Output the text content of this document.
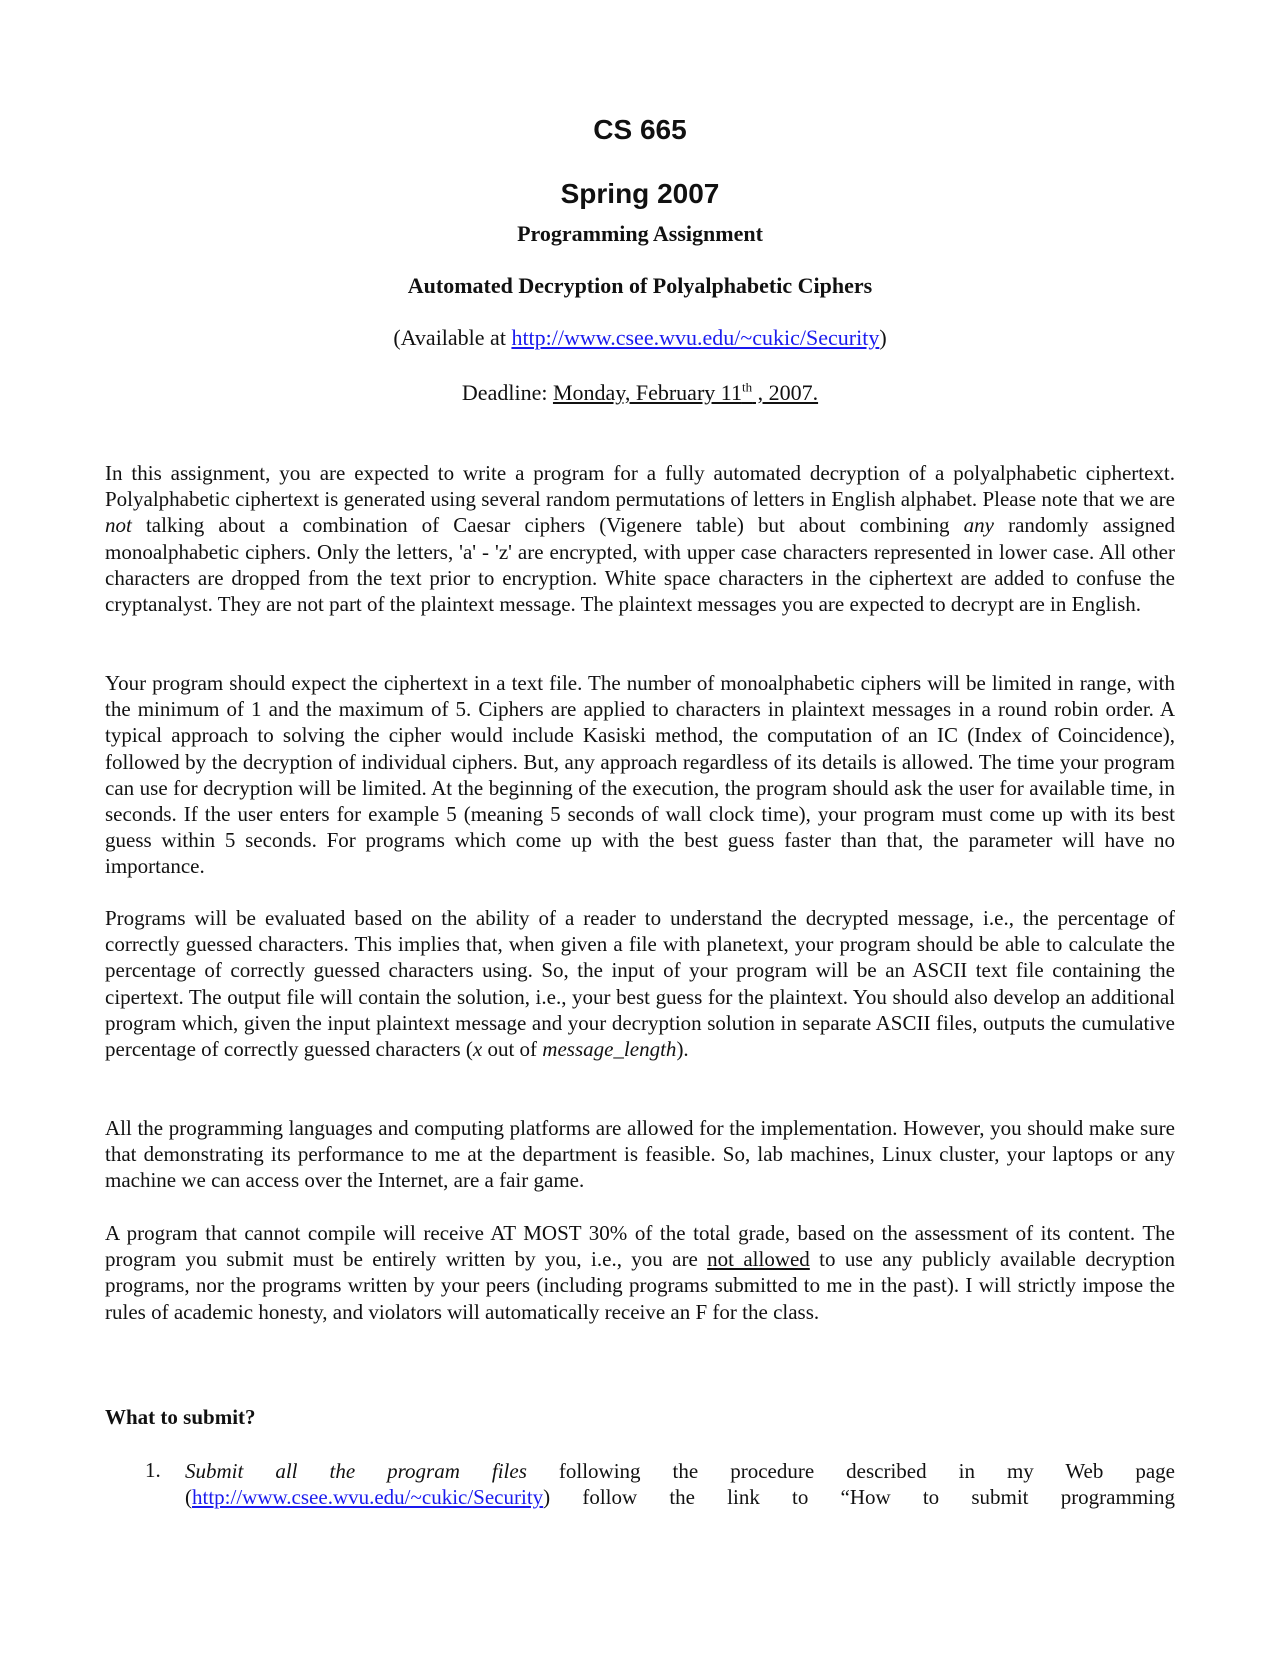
CS 665
Spring 2007
Programming Assignment
Automated Decryption of Polyalphabetic Ciphers
(Available at http://www.csee.wvu.edu/~cukic/Security)
Deadline: Monday, February 11th , 2007.

In this assignment, you are expected to write a program for a fully automated decryption of a polyalphabetic ciphertext. Polyalphabetic ciphertext is generated using several random permutations of letters in English alphabet. Please note that we are not talking about a combination of Caesar ciphers (Vigenere table) but about combining any randomly assigned monoalphabetic ciphers. Only the letters, 'a' - 'z' are encrypted, with upper case characters represented in lower case. All other characters are dropped from the text prior to encryption. White space characters in the ciphertext are added to confuse the cryptanalyst. They are not part of the plaintext message. The plaintext messages you are expected to decrypt are in English.

Your program should expect the ciphertext in a text file. The number of monoalphabetic ciphers will be limited in range, with the minimum of 1 and the maximum of 5. Ciphers are applied to characters in plaintext messages in a round robin order. A typical approach to solving the cipher would include Kasiski method, the computation of an IC (Index of Coincidence), followed by the decryption of individual ciphers. But, any approach regardless of its details is allowed. The time your program can use for decryption will be limited. At the beginning of the execution, the program should ask the user for available time, in seconds. If the user enters for example 5 (meaning 5 seconds of wall clock time), your program must come up with its best guess within 5 seconds. For programs which come up with the best guess faster than that, the parameter will have no importance.

Programs will be evaluated based on the ability of a reader to understand the decrypted message, i.e., the percentage of correctly guessed characters. This implies that, when given a file with planetext, your program should be able to calculate the percentage of correctly guessed characters using. So, the input of your program will be an ASCII text file containing the cipertext. The output file will contain the solution, i.e., your best guess for the plaintext. You should also develop an additional program which, given the input plaintext message and your decryption solution in separate ASCII files, outputs the cumulative percentage of correctly guessed characters (x out of message_length).

All the programming languages and computing platforms are allowed for the implementation. However, you should make sure that demonstrating its performance to me at the department is feasible. So, lab machines, Linux cluster, your laptops or any machine we can access over the Internet, are a fair game.

A program that cannot compile will receive AT MOST 30% of the total grade, based on the assessment of its content. The program you submit must be entirely written by you, i.e., you are not allowed to use any publicly available decryption programs, nor the programs written by your peers (including programs submitted to me in the past). I will strictly impose the rules of academic honesty, and violators will automatically receive an F for the class.

What to submit?
1. Submit all the program files following the procedure described in my Web page (http://www.csee.wvu.edu/~cukic/Security) follow the link to “How to submit programming
